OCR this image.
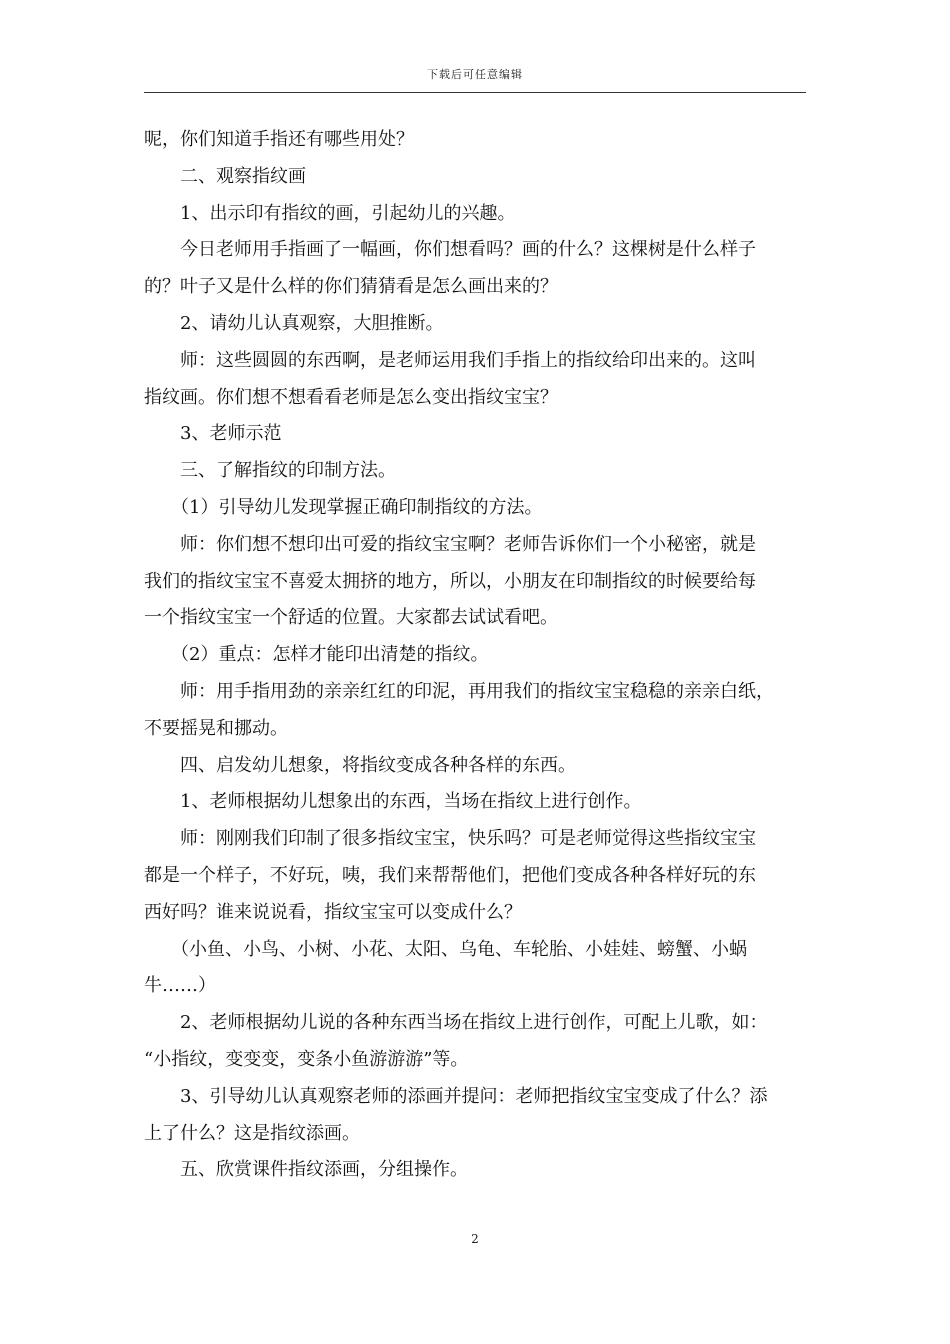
下载后可任意编辑

呢，你们知道手指还有哪些用处？

　　二、观察指纹画

　　1、出示印有指纹的画，引起幼儿的兴趣。

　　今日老师用手指画了一幅画，你们想看吗？画的什么？这棵树是什么样子

的？叶子又是什么样的你们猜猜看是怎么画出来的？

　　2、请幼儿认真观察，大胆推断。

　　师：这些圆圆的东西啊，是老师运用我们手指上的指纹给印出来的。这叫

指纹画。你们想不想看看老师是怎么变出指纹宝宝？

　　3、老师示范

　　三、了解指纹的印制方法。

　　（1）引导幼儿发现掌握正确印制指纹的方法。

　　师：你们想不想印出可爱的指纹宝宝啊？老师告诉你们一个小秘密，就是

我们的指纹宝宝不喜爱太拥挤的地方，所以，小朋友在印制指纹的时候要给每

一个指纹宝宝一个舒适的位置。大家都去试试看吧。

　　（2）重点：怎样才能印出清楚的指纹。

　　师：用手指用劲的亲亲红红的印泥，再用我们的指纹宝宝稳稳的亲亲白纸，

不要摇晃和挪动。

　　四、启发幼儿想象，将指纹变成各种各样的东西。

　　1、老师根据幼儿想象出的东西，当场在指纹上进行创作。

　　师：刚刚我们印制了很多指纹宝宝，快乐吗？可是老师觉得这些指纹宝宝

都是一个样子，不好玩，咦，我们来帮帮他们，把他们变成各种各样好玩的东

西好吗？谁来说说看，指纹宝宝可以变成什么？

　　（小鱼、小鸟、小树、小花、太阳、乌龟、车轮胎、小娃娃、螃蟹、小蜗

牛……）

　　2、老师根据幼儿说的各种东西当场在指纹上进行创作，可配上儿歌，如：

“小指纹，变变变，变条小鱼游游游”等。

　　3、引导幼儿认真观察老师的添画并提问：老师把指纹宝宝变成了什么？添

上了什么？这是指纹添画。

　　五、欣赏课件指纹添画，分组操作。

2
